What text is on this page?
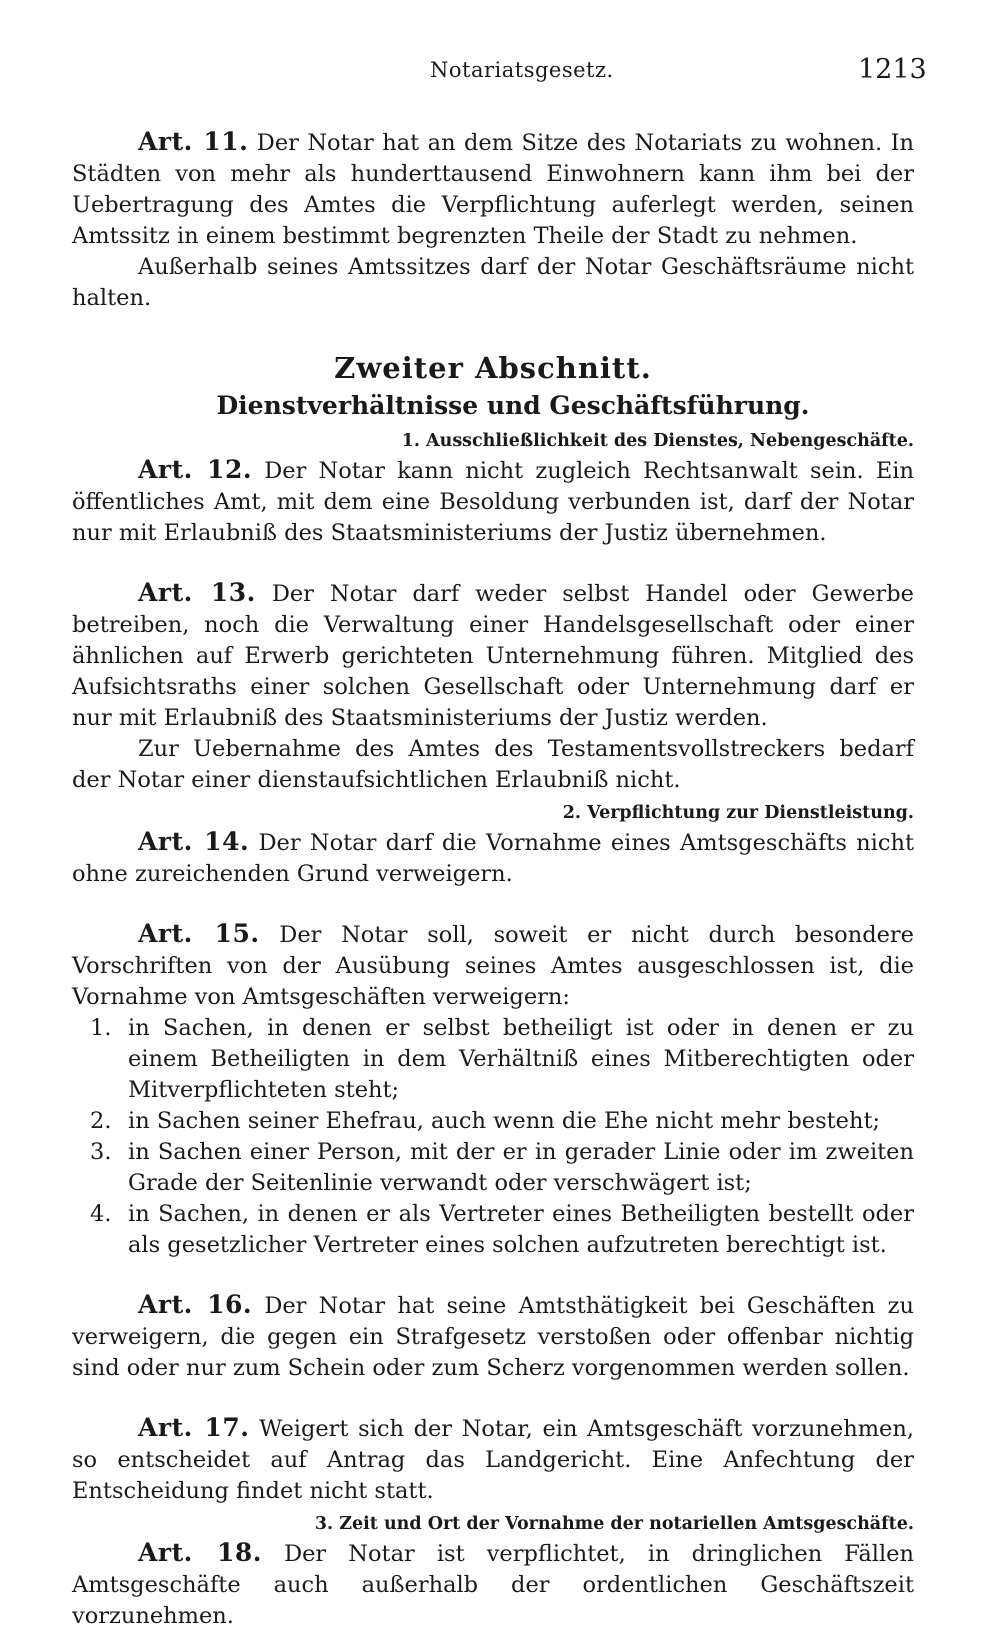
Notariatsgesetz.	1213

Art. 11. Der Notar hat an dem Sitze des Notariats zu wohnen. In Städten von mehr als hunderttausend Einwohnern kann ihm bei der Uebertragung des Amtes die Verpflichtung auferlegt werden, seinen Amtssitz in einem bestimmt begrenzten Theile der Stadt zu nehmen.

Außerhalb seines Amtssitzes darf der Notar Geschäftsräume nicht halten.

Zweiter Abschnitt.
Dienstverhältnisse und Geschäftsführung.
1. Ausschließlichkeit des Dienstes, Nebengeschäfte.

Art. 12. Der Notar kann nicht zugleich Rechtsanwalt sein. Ein öffentliches Amt, mit dem eine Besoldung verbunden ist, darf der Notar nur mit Erlaubniß des Staatsministeriums der Justiz übernehmen.

Art. 13. Der Notar darf weder selbst Handel oder Gewerbe betreiben, noch die Verwaltung einer Handelsgesellschaft oder einer ähnlichen auf Erwerb gerichteten Unternehmung führen. Mitglied des Aufsichtsraths einer solchen Gesellschaft oder Unternehmung darf er nur mit Erlaubniß des Staatsministeriums der Justiz werden.

Zur Uebernahme des Amtes des Testamentsvollstreckers bedarf der Notar einer dienstaufsichtlichen Erlaubniß nicht.

2. Verpflichtung zur Dienstleistung.

Art. 14. Der Notar darf die Vornahme eines Amtsgeschäfts nicht ohne zureichenden Grund verweigern.

Art. 15. Der Notar soll, soweit er nicht durch besondere Vorschriften von der Ausübung seines Amtes ausgeschlossen ist, die Vornahme von Amtsgeschäften verweigern:

1. in Sachen, in denen er selbst betheiligt ist oder in denen er zu einem Betheiligten in dem Verhältniß eines Mitberechtigten oder Mitverpflichteten steht;
2. in Sachen seiner Ehefrau, auch wenn die Ehe nicht mehr besteht;
3. in Sachen einer Person, mit der er in gerader Linie oder im zweiten Grade der Seitenlinie verwandt oder verschwägert ist;
4. in Sachen, in denen er als Vertreter eines Betheiligten bestellt oder als gesetzlicher Vertreter eines solchen aufzutreten berechtigt ist.

Art. 16. Der Notar hat seine Amtsthätigkeit bei Geschäften zu verweigern, die gegen ein Strafgesetz verstoßen oder offenbar nichtig sind oder nur zum Schein oder zum Scherz vorgenommen werden sollen.

Art. 17. Weigert sich der Notar, ein Amtsgeschäft vorzunehmen, so entscheidet auf Antrag das Landgericht. Eine Anfechtung der Entscheidung findet nicht statt.

3. Zeit und Ort der Vornahme der notariellen Amtsgeschäfte.

Art. 18. Der Notar ist verpflichtet, in dringlichen Fällen Amtsgeschäfte auch außerhalb der ordentlichen Geschäftszeit vorzunehmen.
